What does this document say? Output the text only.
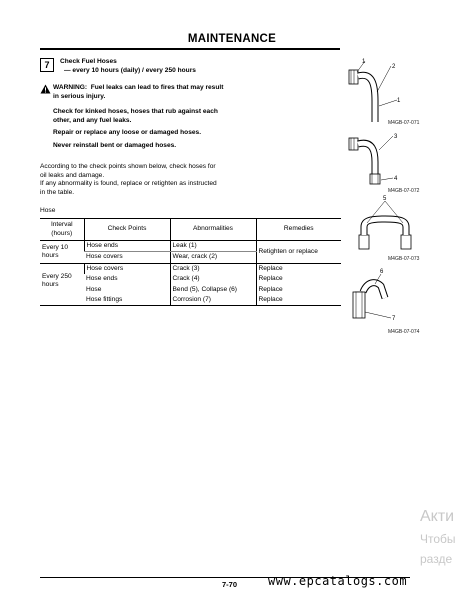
MAINTENANCE
7	Check Fuel Hoses
— every 10 hours (daily) / every 250 hours
WARNING: Fuel leaks can lead to fires that may result
in serious injury.
Check for kinked hoses, hoses that rub against each
other, and any fuel leaks.
Repair or replace any loose or damaged hoses.
Never reinstall bent or damaged hoses.
According to the check points shown below, check hoses for
oil leaks and damage.
If any abnormality is found, replace or retighten as instructed
in the table.
Hose
Interval (hours)	Check Points	Abnormalities	Remedies
Every 10 hours	Hose ends	Leak (1)	Retighten or replace
	Hose covers	Wear, crack (2)	
Every 250 hours	Hose covers	Crack (3)	Replace
	Hose ends	Crack (4)	Replace
	Hose	Bend (5), Collapse (6)	Replace
	Hose fittings	Corrosion (7)	Replace
1
2
1
M4GB-07-071
3
4
M4GB-07-072
5
M4GB-07-073
6
7
M4GB-07-074
Акти
Чтобы
разде
7-70	www.epcatalogs.com
